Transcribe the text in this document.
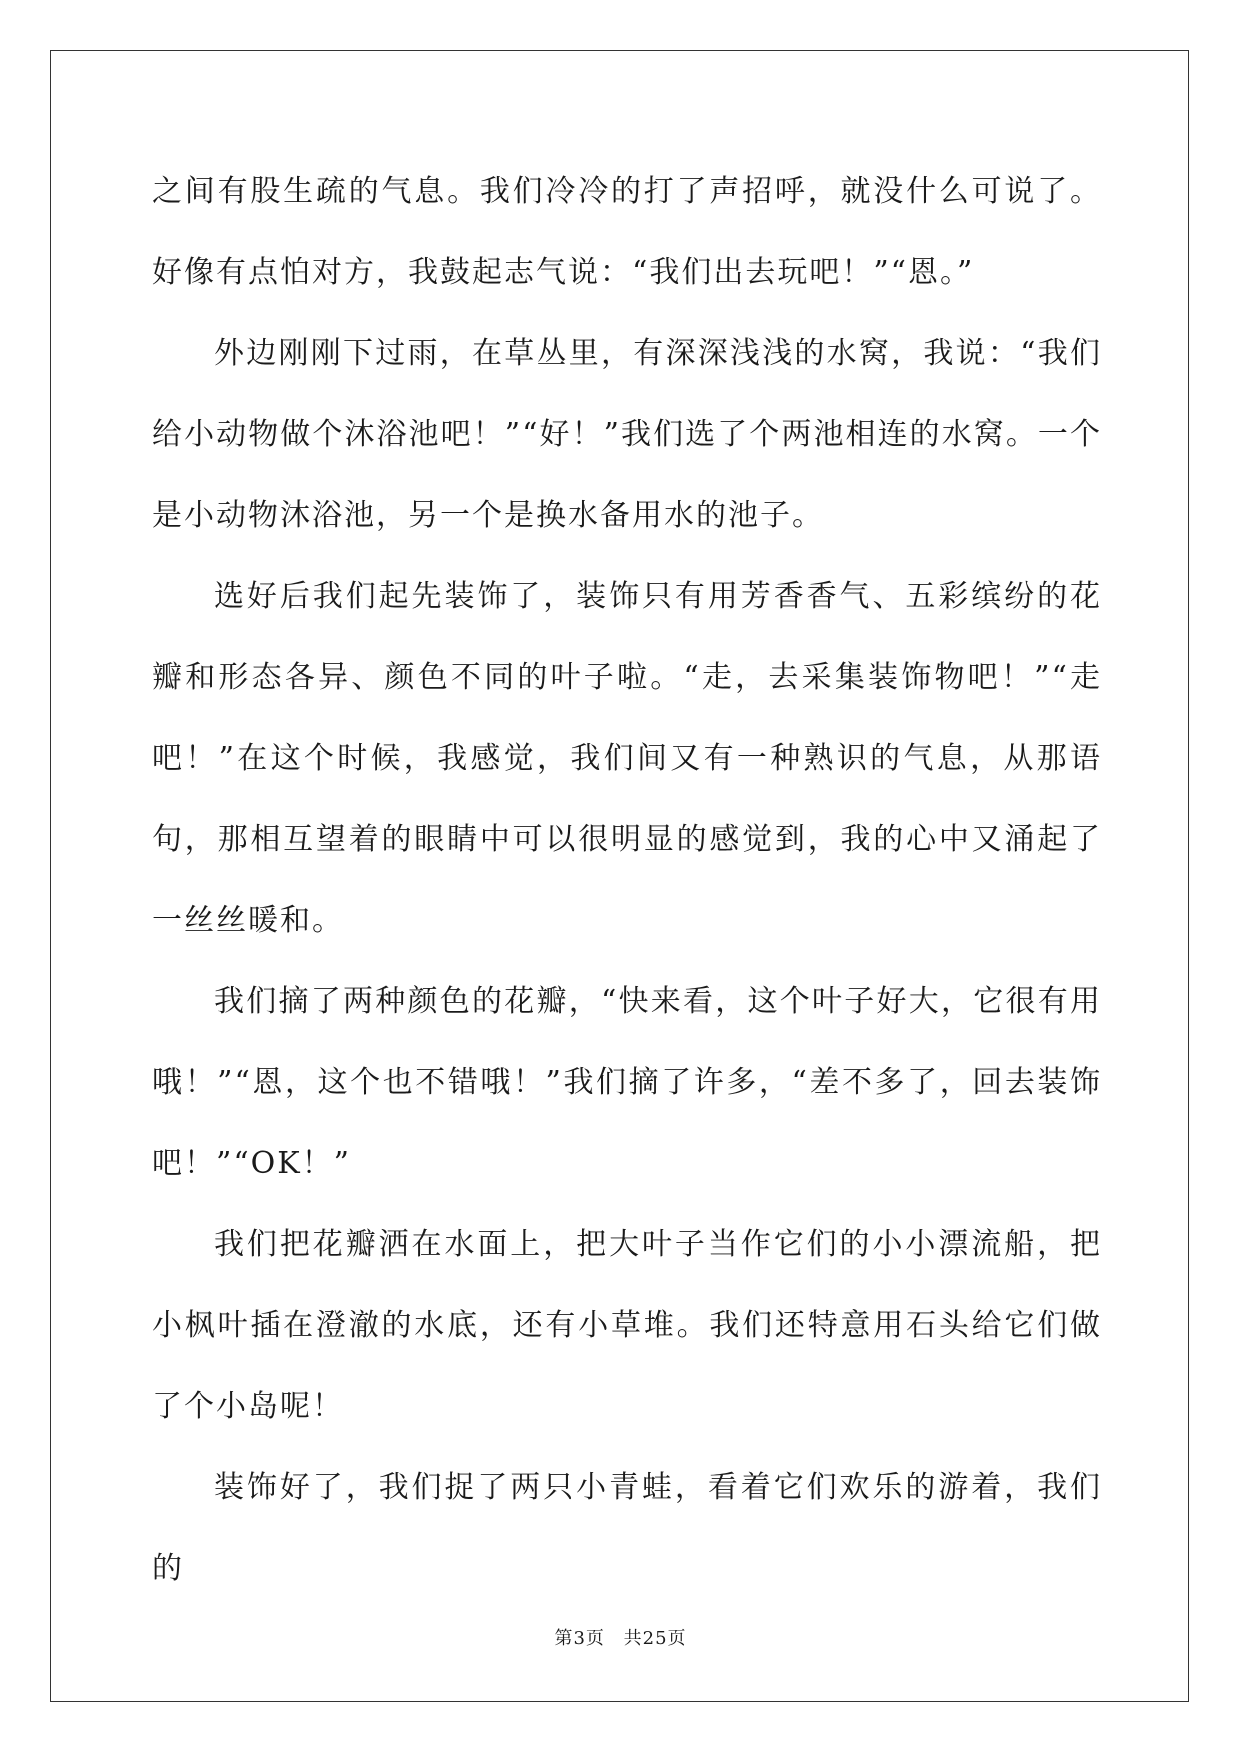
之间有股生疏的气息。我们冷冷的打了声招呼，就没什么可说了。好像有点怕对方，我鼓起志气说：“我们出去玩吧！”“恩。”

外边刚刚下过雨，在草丛里，有深深浅浅的水窝，我说：“我们给小动物做个沐浴池吧！”“好！”我们选了个两池相连的水窝。一个是小动物沐浴池，另一个是换水备用水的池子。

选好后我们起先装饰了，装饰只有用芳香香气、五彩缤纷的花瓣和形态各异、颜色不同的叶子啦。“走，去采集装饰物吧！”“走吧！”在这个时候，我感觉，我们间又有一种熟识的气息，从那语句，那相互望着的眼睛中可以很明显的感觉到，我的心中又涌起了一丝丝暖和。

我们摘了两种颜色的花瓣，“快来看，这个叶子好大，它很有用哦！”“恩，这个也不错哦！”我们摘了许多，“差不多了，回去装饰吧！”“OK！”

我们把花瓣洒在水面上，把大叶子当作它们的小小漂流船，把小枫叶插在澄澈的水底，还有小草堆。我们还特意用石头给它们做了个小岛呢！

装饰好了，我们捉了两只小青蛙，看着它们欢乐的游着，我们的

第3页 共25页
